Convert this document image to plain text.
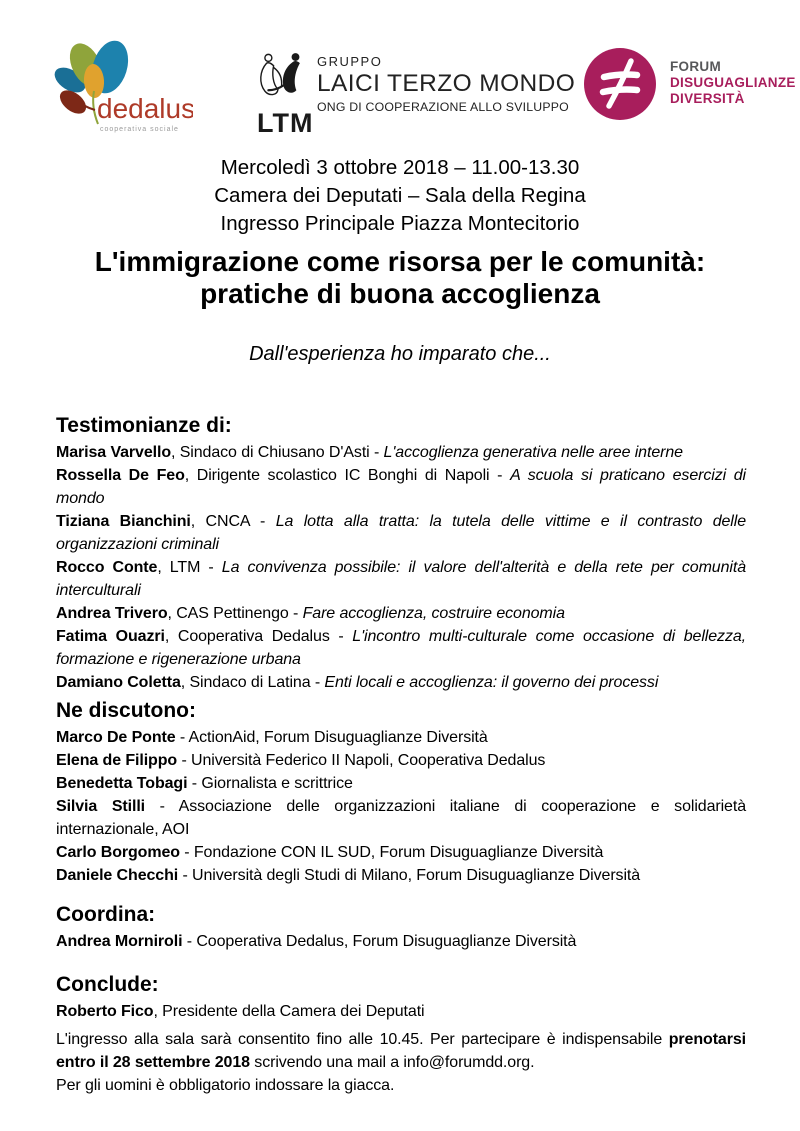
dedalus
cooperativa sociale	LTM
GRUPPO
LAICI TERZO MONDO
ONG DI COOPERAZIONE ALLO SVILUPPO
FORUM
DISUGUAGLIANZE
DIVERSITÀ
Mercoledì 3 ottobre 2018 – 11.00-13.30
Camera dei Deputati – Sala della Regina
Ingresso Principale Piazza Montecitorio
L'immigrazione come risorsa per le comunità:
pratiche di buona accoglienza
Dall'esperienza ho imparato che...
Testimonianze di:

Marisa Varvello, Sindaco di Chiusano D'Asti - L'accoglienza generativa nelle aree interne

Rossella De Feo, Dirigente scolastico IC Bonghi di Napoli - A scuola si praticano esercizi di mondo

Tiziana Bianchini, CNCA - La lotta alla tratta: la tutela delle vittime e il contrasto delle organizzazioni criminali

Rocco Conte, LTM - La convivenza possibile: il valore dell'alterità e della rete per comunità interculturali

Andrea Trivero, CAS Pettinengo - Fare accoglienza, costruire economia

Fatima Ouazri, Cooperativa Dedalus - L'incontro multi-culturale come occasione di bellezza, formazione e rigenerazione urbana

Damiano Coletta, Sindaco di Latina - Enti locali e accoglienza: il governo dei processi

Ne discutono:

Marco De Ponte - ActionAid, Forum Disuguaglianze Diversità

Elena de Filippo - Università Federico II Napoli, Cooperativa Dedalus

Benedetta Tobagi - Giornalista e scrittrice

Silvia Stilli - Associazione delle organizzazioni italiane di cooperazione e solidarietà internazionale, AOI

Carlo Borgomeo - Fondazione CON IL SUD, Forum Disuguaglianze Diversità

Daniele Checchi - Università degli Studi di Milano, Forum Disuguaglianze Diversità

Coordina:

Andrea Morniroli - Cooperativa Dedalus, Forum Disuguaglianze Diversità

Conclude:

Roberto Fico, Presidente della Camera dei Deputati

L'ingresso alla sala sarà consentito fino alle 10.45. Per partecipare è indispensabile prenotarsi
entro il 28 settembre 2018 scrivendo una mail a info@forumdd.org.
Per gli uomini è obbligatorio indossare la giacca.
